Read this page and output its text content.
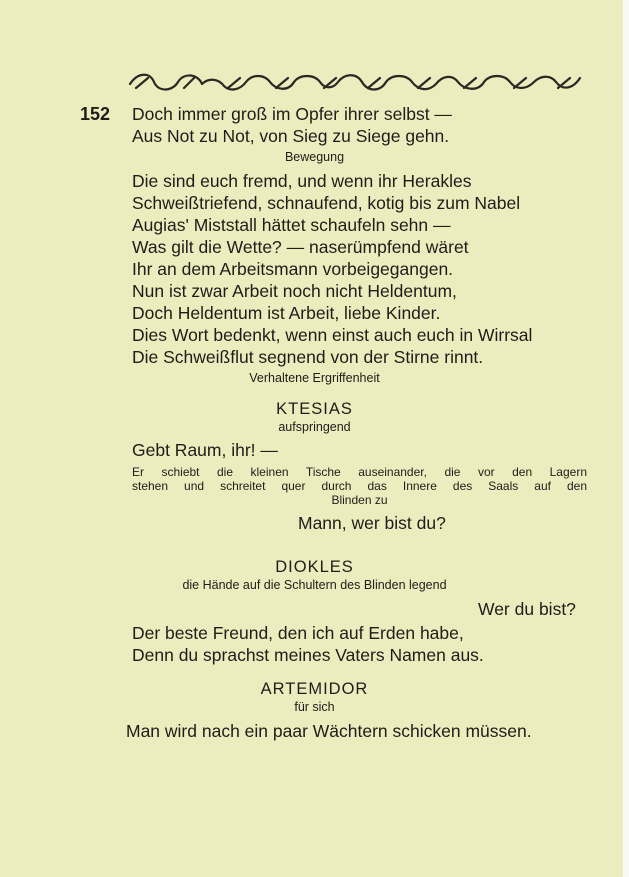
152 Doch immer groß im Opfer ihrer selbst —
Aus Not zu Not, von Sieg zu Siege gehn.
Bewegung
Die sind euch fremd, und wenn ihr Herakles
Schweißtriefend, schnaufend, kotig bis zum Nabel
Augias' Miststall hättet schaufeln sehn —
Was gilt die Wette? — naserümpfend wäret
Ihr an dem Arbeitsmann vorbeigegangen.
Nun ist zwar Arbeit noch nicht Heldentum,
Doch Heldentum ist Arbeit, liebe Kinder.
Dies Wort bedenkt, wenn einst auch euch in Wirrsal
Die Schweißflut segnend von der Stirne rinnt.
Verhaltene Ergriffenheit
KTESIAS
aufspringend
Gebt Raum, ihr! —
Er schiebt die kleinen Tische auseinander, die vor den Lagern
stehen und schreitet quer durch das Innere des Saals auf den
Blinden zu
Mann, wer bist du?
DIOKLES
die Hände auf die Schultern des Blinden legend
Wer du bist?
Der beste Freund, den ich auf Erden habe,
Denn du sprachst meines Vaters Namen aus.
ARTEMIDOR
für sich
Man wird nach ein paar Wächtern schicken müssen.
